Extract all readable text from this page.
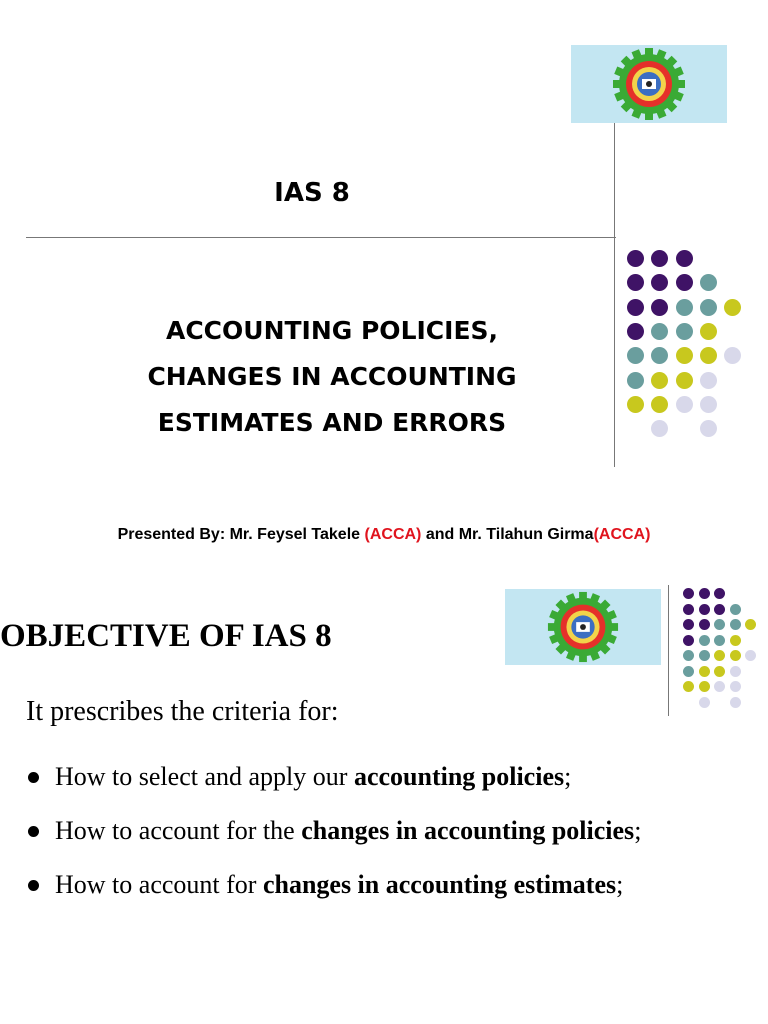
IAS 8
ACCOUNTING POLICIES,
CHANGES IN ACCOUNTING
ESTIMATES AND ERRORS
Presented By: Mr. Feysel Takele (ACCA) and Mr. Tilahun Girma(ACCA)
OBJECTIVE OF IAS 8
It prescribes the criteria for:
How to select and apply our accounting policies;
How to account for the changes in accounting policies;
How to account for changes in accounting estimates;
